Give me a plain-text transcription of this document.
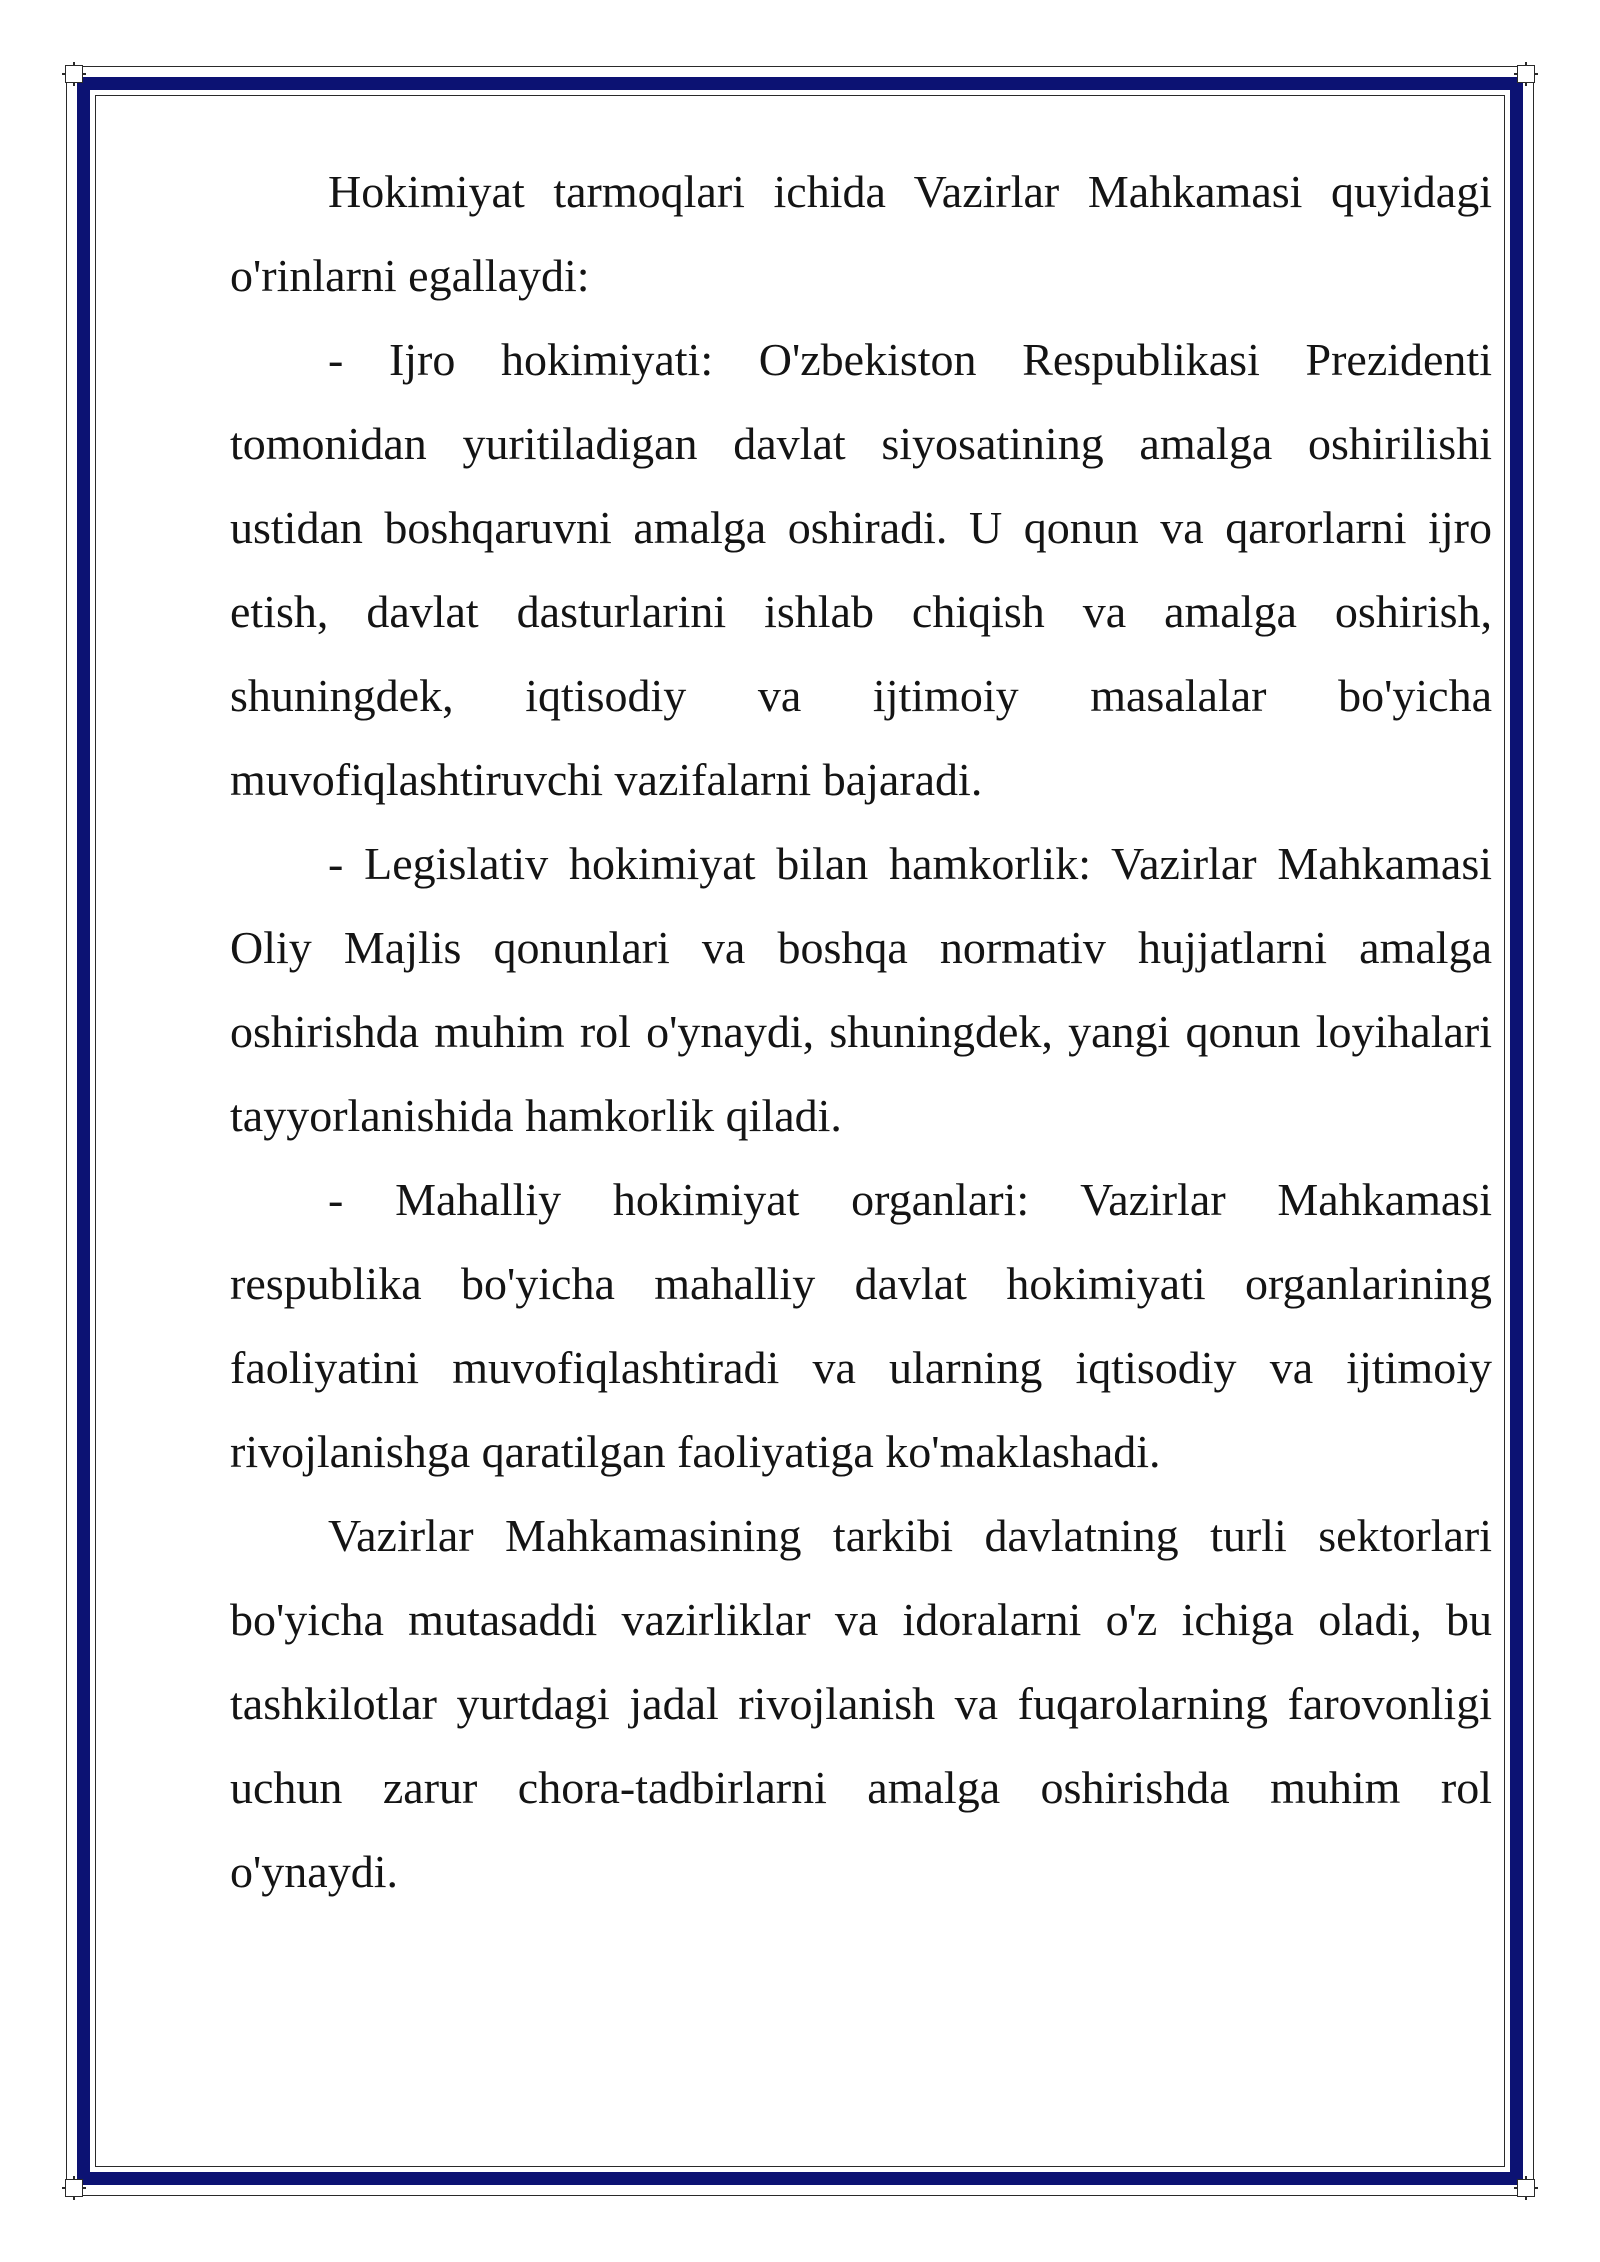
Hokimiyat tarmoqlari ichida Vazirlar Mahkamasi quyidagi o'rinlarni egallaydi:

- Ijro hokimiyati: O'zbekiston Respublikasi Prezidenti tomonidan yuritiladigan davlat siyosatining amalga oshirilishi ustidan boshqaruvni amalga oshiradi. U qonun va qarorlarni ijro etish, davlat dasturlarini ishlab chiqish va amalga oshirish, shuningdek, iqtisodiy va ijtimoiy masalalar bo'yicha muvofiqlashtiruvchi vazifalarni bajaradi.

- Legislativ hokimiyat bilan hamkorlik: Vazirlar Mahkamasi Oliy Majlis qonunlari va boshqa normativ hujjatlarni amalga oshirishda muhim rol o'ynaydi, shuningdek, yangi qonun loyihalari tayyorlanishida hamkorlik qiladi.

- Mahalliy hokimiyat organlari: Vazirlar Mahkamasi respublika bo'yicha mahalliy davlat hokimiyati organlarining faoliyatini muvofiqlashtiradi va ularning iqtisodiy va ijtimoiy rivojlanishga qaratilgan faoliyatiga ko'maklashadi.

Vazirlar Mahkamasining tarkibi davlatning turli sektorlari bo'yicha mutasaddi vazirliklar va idoralarni o'z ichiga oladi, bu tashkilotlar yurtdagi jadal rivojlanish va fuqarolarning farovonligi uchun zarur chora-tadbirlarni amalga oshirishda muhim rol o'ynaydi.
